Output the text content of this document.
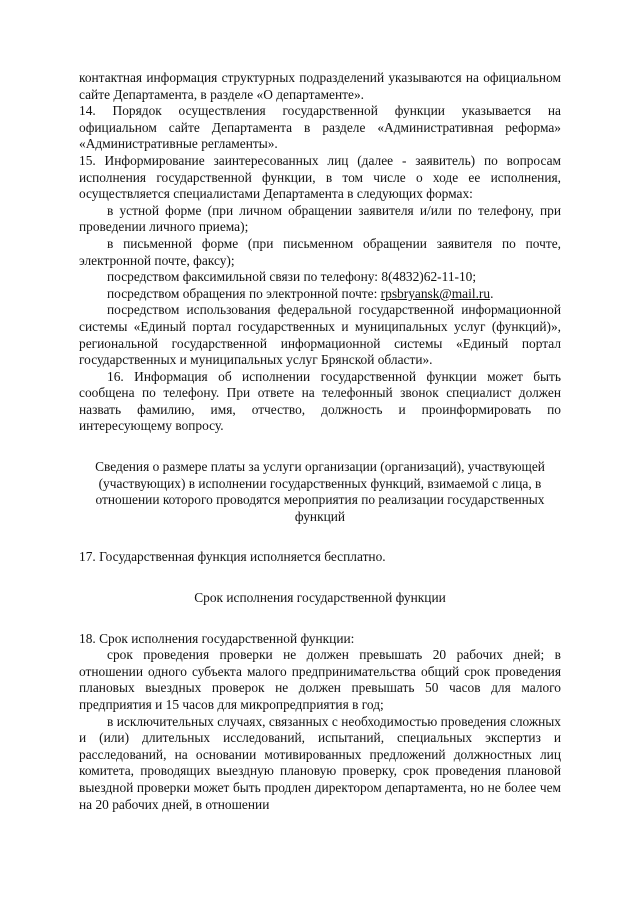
контактная информация структурных подразделений указываются на официальном сайте Департамента, в разделе «О департаменте».

14. Порядок осуществления государственной функции указывается на официальном сайте Департамента в разделе «Административная реформа» «Административные регламенты».

15. Информирование заинтересованных лиц (далее - заявитель) по вопросам исполнения государственной функции, в том числе о ходе ее исполнения, осуществляется специалистами Департамента в следующих формах:

в устной форме (при личном обращении заявителя и/или по телефону, при проведении личного приема);

в письменной форме (при письменном обращении заявителя по почте, электронной почте, факсу);

посредством факсимильной связи по телефону: 8(4832)62-11-10;

посредством обращения по электронной почте: rpsbryansk@mail.ru.

посредством использования федеральной государственной информационной системы «Единый портал государственных и муниципальных услуг (функций)», региональной государственной информационной системы «Единый портал государственных и муниципальных услуг Брянской области».

16. Информация об исполнении государственной функции может быть сообщена по телефону. При ответе на телефонный звонок специалист должен назвать фамилию, имя, отчество, должность и проинформировать по интересующему вопросу.

Сведения о размере платы за услуги организации (организаций), участвующей (участвующих) в исполнении государственных функций, взимаемой с лица, в отношении которого проводятся мероприятия по реализации государственных функций

17. Государственная функция исполняется бесплатно.

Срок исполнения государственной функции

18. Срок исполнения государственной функции:

срок проведения проверки не должен превышать 20 рабочих дней; в отношении одного субъекта малого предпринимательства общий срок проведения плановых выездных проверок не должен превышать 50 часов для малого предприятия и 15 часов для микропредприятия в год;

в исключительных случаях, связанных с необходимостью проведения сложных и (или) длительных исследований, испытаний, специальных экспертиз и расследований, на основании мотивированных предложений должностных лиц комитета, проводящих выездную плановую проверку, срок проведения плановой выездной проверки может быть продлен директором департамента, но не более чем на 20 рабочих дней, в отношении
